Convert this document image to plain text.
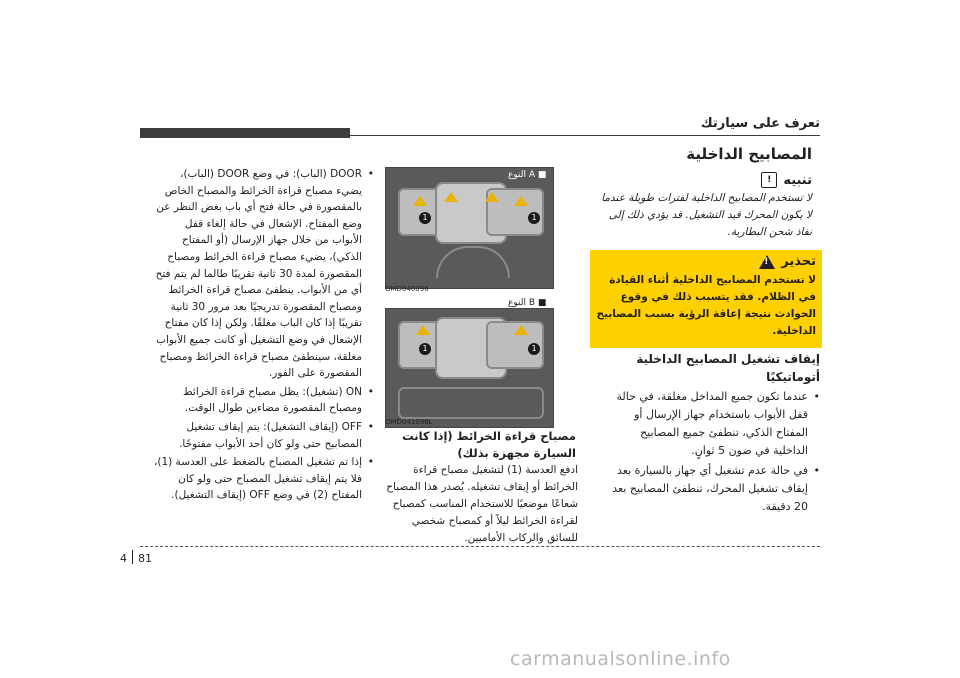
تعرف على سيارتك
المصابيح الداخلية
تنبيه
!
لا تستخدم المصابيح الداخلية لفترات طويلة عندما لا يكون المحرك قيد التشغيل. قد يؤدي ذلك إلى نفاذ شحن البطارية.
تحذير
!
لا تستخدم المصابيح الداخلية أثناء القيادة في الظلام. فقد يتسبب ذلك في وقوع الحوادث نتيجة إعاقة الرؤية بسبب المصابيح الداخلية.
إيقاف تشغيل المصابيح الداخلية أتوماتيكيًا
• عندما تكون جميع المداخل مغلقة، في حالة قفل الأبواب باستخدام جهاز الإرسال أو المفتاح الذكي، تنطفئ جميع المصابيح الداخلية في ضون 5 ثوانٍ.
• في حالة عدم تشغيل أي جهاز بالسيارة بعد إيقاف تشغيل المحرك، تنطفئ المصابيح بعد 20 دقيقة.
النوع A ■
1	1
OMD040096
النوع B ■
1	1
OMD041096L
مصباح قراءة الخرائط (إذا كانت السيارة مجهزة بذلك)
ادفع العدسة (1) لتشغيل مصباح قراءة الخرائط أو إيقاف تشغيله. يُصدر هذا المصباح شعاعًا موضعيًا للاستخدام المناسب كمصباح لقراءة الخرائط ليلاً أو كمصباح شخصي للسائق والركاب الأماميين.
• DOOR (الباب): في وضع DOOR (الباب)، يضيء مصباح قراءة الخرائط والمصباح الخاص بالمقصورة في حالة فتح أي باب بغض النظر عن وضع المفتاح. الإشعال في حالة إلغاء قفل الأبواب من خلال جهاز الإرسال (أو المفتاح الذكي)، يضيء مصباح قراءة الخرائط ومصباح المقصورة لمدة 30 ثانية تقريبًا طالما لم يتم فتح أي من الأبواب. ينطفئ مصباح قراءة الخرائط ومصباح المقصورة تدريجيًا بعد مرور 30 ثانية تقريبًا إذا كان الباب مغلقًا. ولكن إذا كان مفتاح الإشعال في وضع التشغيل أو كانت جميع الأبواب مغلقة، سينطفئ مصباح قراءة الخرائط ومصباح المقصورة على الفور.
• ON (تشغيل): يظل مصباح قراءة الخرائط ومصباح المقصورة مضاءين طوال الوقت.
• OFF (إيقاف التشغيل): يتم إيقاف تشغيل المصابيح حتى ولو كان أحد الأبواب مفتوحًا.
• إذا تم تشغيل المصباح بالضغط على العدسة (1)، فلا يتم إيقاف تشغيل المصباح حتى ولو كان المفتاح (2) في وضع OFF (إيقاف التشغيل).
4 81
carmanualsonline.info
